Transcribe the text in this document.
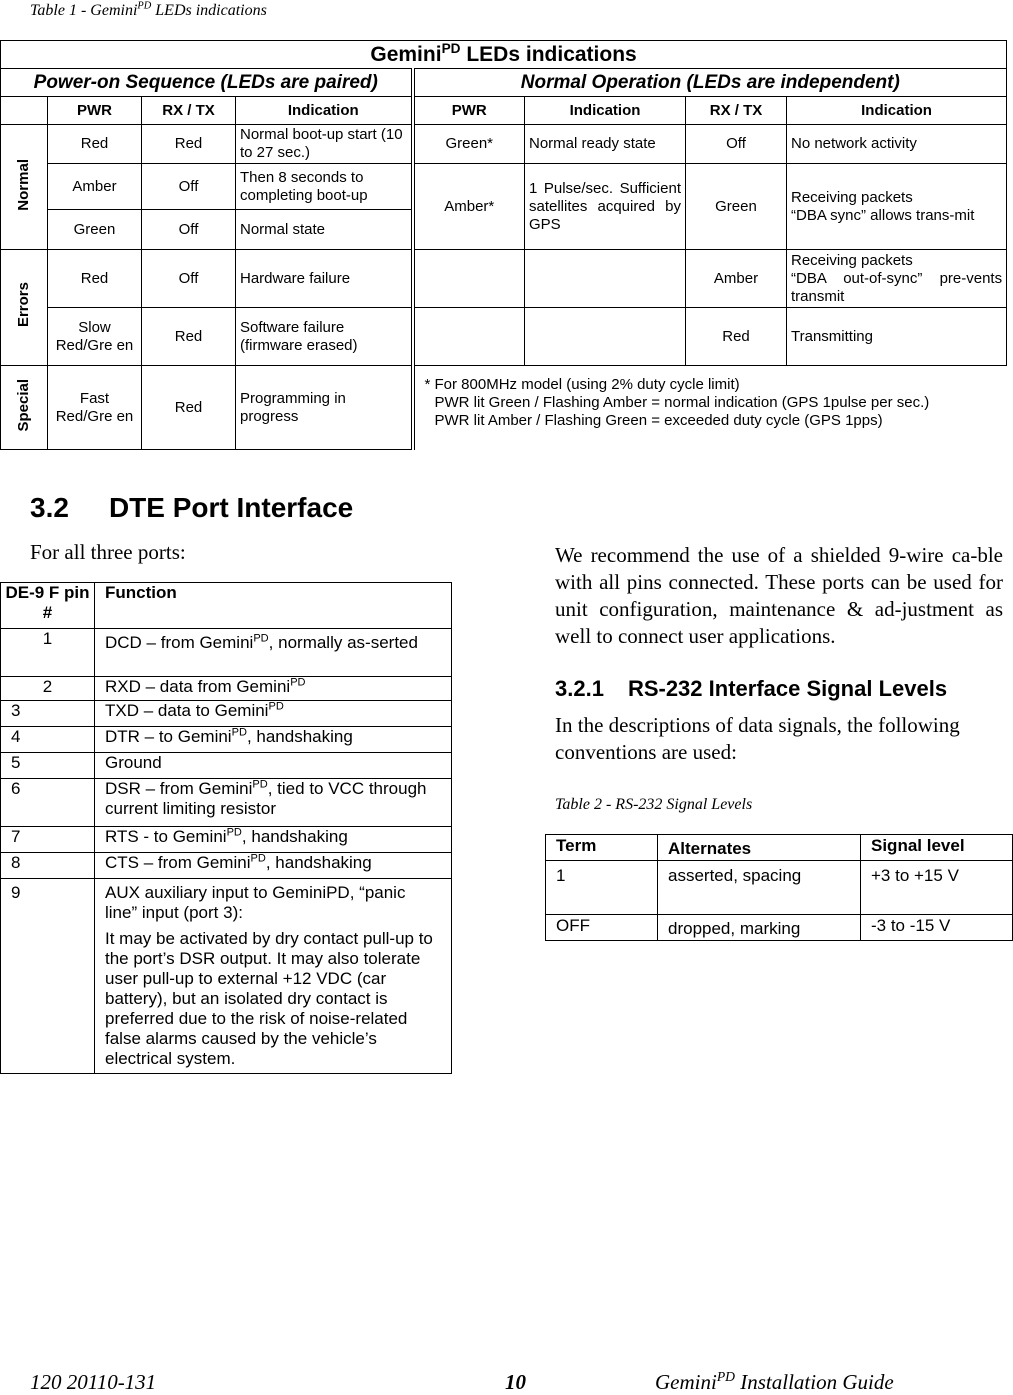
Table 1 - Gemini$^{PD}$ LEDs indications
Gemini$^{PD}$ LEDs indications							
Power-on Sequence (LEDs are paired)				Normal Operation (LEDs are independent)			
	PWR	RX / TX	Indication	PWR	Indication	RX / TX	Indication
Normal	Red	Red	Normal boot-up start (10 to 27 sec.)	Green*	Normal ready state	Off	No network activity
	Amber	Off	Then 8 seconds to completing boot-up	Amber*	1 Pulse/sec. Sufficient satellites acquired by GPS	Green	Receiving packets
“DBA sync” allows trans-mit

	Green	Off	Normal state				
Errors	Red	Off	Hardware failure			Amber	Receiving packets
“DBA out-of-sync” pre-vents transmit

	Slow Red/Gre en	Red	Software failure (firmware erased)			Red	Transmitting
Special	Fast Red/Gre en	Red	Programming in progress	* For 800MHz model (using 2% duty cycle limit)
PWR lit Green / Flashing Amber = normal indication (GPS 1pulse per sec.)
PWR lit Amber / Flashing Green = exceeded duty cycle (GPS 1pps)			
3.2 DTE Port Interface
For all three ports:
DE-9 F pin #	Function
1	DCD – from Gemini$^{PD}$, normally as-serted
2	RXD – data from Gemini$^{PD}$
3	TXD – data to Gemini$^{PD}$
4	DTR – to Gemini$^{PD}$, handshaking
5	Ground
6	DSR – from Gemini$^{PD}$, tied to VCC through current limiting resistor
7	RTS - to Gemini$^{PD}$, handshaking
8	CTS – from Gemini$^{PD}$, handshaking
9	AUX auxiliary input to GeminiPD, “panic line” input (port 3):

It may be activated by dry contact pull-up to the port’s DSR output. It may also tolerate user pull-up to external +12 VDC (car battery), but an isolated dry contact is preferred due to the risk of noise-related false alarms caused by the vehicle’s electrical system.

We recommend the use of a shielded 9-wire ca-ble with all pins connected. These ports can be used for unit configuration, maintenance & ad-justment as well to connect user applications.
3.2.1 RS-232 Interface Signal Levels
In the descriptions of data signals, the following conventions are used:
Table 2 - RS-232 Signal Levels
Term	Alternates	Signal level
1	asserted, spacing	+3 to +15 V
OFF	dropped, marking	-3 to -15 V
120 20110-131	10	Gemini$^{PD}$ Installation Guide
